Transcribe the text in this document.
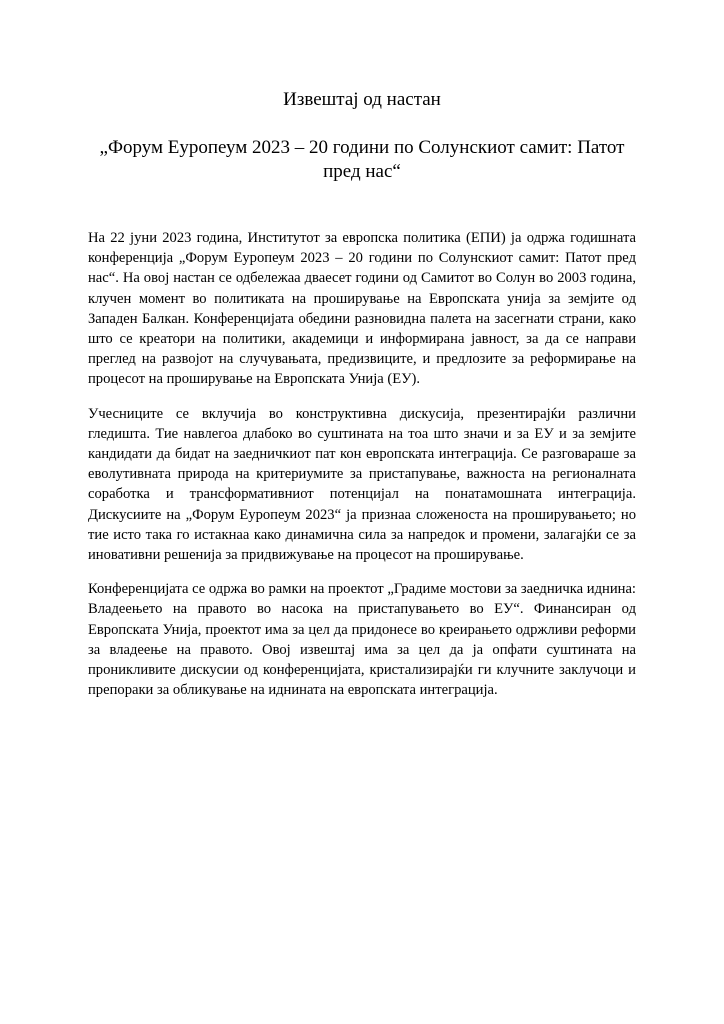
Извештај од настан
„Форум Еуропеум 2023 – 20 години по Солунскиот самит: Патот пред нас“

На 22 јуни 2023 година, Институтот за европска политика (ЕПИ) ја одржа годишната конференција „Форум Еуропеум 2023 – 20 години по Солунскиот самит: Патот пред нас“. На овој настан се одбележаа дваесет години од Самитот во Солун во 2003 година, клучен момент во политиката на проширување на Европската унија за земјите од Западен Балкан. Конференцијата обедини разновидна палета на засегнати страни, како што се креатори на политики, академици и информирана јавност, за да се направи преглед на развојот на случувањата, предизвиците, и предлозите за реформирање на процесот на проширување на Европската Унија (ЕУ).

Учесниците се вклучија во конструктивна дискусија, презентирајќи различни гледишта. Тие навлегоа длабоко во суштината на тоа што значи и за ЕУ и за земјите кандидати да бидат на заедничкиот пат кон европската интеграција. Се разговараше за еволутивната природа на критериумите за пристапување, важноста на регионалната соработка и трансформативниот потенцијал на понатамошната интеграција. Дискусиите на „Форум Еуропеум 2023“ ја признаа сложеноста на проширувањето; но тие исто така го истакнаа како динамична сила за напредок и промени, залагајќи се за иновативни решенија за придвижување на процесот на проширување.

Конференцијата се одржа во рамки на проектот „Градиме мостови за заедничка иднина: Владеењето на правото во насока на пристапувањето во ЕУ“. Финансиран од Европската Унија, проектот има за цел да придонесе во креирањето одржливи реформи за владеење на правото. Овој извештај има за цел да ја опфати суштината на проникливите дискусии од конференцијата, кристализирајќи ги клучните заклучоци и препораки за обликување на иднината на европската интеграција.
